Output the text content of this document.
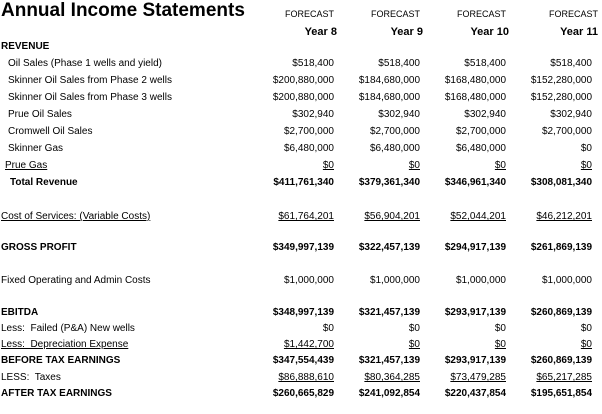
Annual Income Statements	FORECAST	FORECAST	FORECAST	FORECAST
Year 8	Year 9	Year 10	Year 11
REVENUE
Oil Sales (Phase 1 wells and yield)	$518,400	$518,400	$518,400	$518,400
Skinner Oil Sales from Phase 2 wells	$200,880,000	$184,680,000	$168,480,000	$152,280,000
Skinner Oil Sales from Phase 3 wells	$200,880,000	$184,680,000	$168,480,000	$152,280,000
Prue Oil Sales	$302,940	$302,940	$302,940	$302,940
Cromwell Oil Sales	$2,700,000	$2,700,000	$2,700,000	$2,700,000
Skinner Gas	$6,480,000	$6,480,000	$6,480,000	$0
Prue Gas	$0	$0	$0	$0
Total Revenue	$411,761,340	$379,361,340	$346,961,340	$308,081,340
Cost of Services: (Variable Costs)	$61,764,201	$56,904,201	$52,044,201	$46,212,201
GROSS PROFIT	$349,997,139	$322,457,139	$294,917,139	$261,869,139
Fixed Operating and Admin Costs	$1,000,000	$1,000,000	$1,000,000	$1,000,000
EBITDA	$348,997,139	$321,457,139	$293,917,139	$260,869,139
Less:  Failed (P&A) New wells	$0	$0	$0	$0
Less:  Depreciation Expense	$1,442,700	$0	$0	$0
BEFORE TAX EARNINGS	$347,554,439	$321,457,139	$293,917,139	$260,869,139
LESS:  Taxes	$86,888,610	$80,364,285	$73,479,285	$65,217,285
AFTER TAX EARNINGS	$260,665,829	$241,092,854	$220,437,854	$195,651,854
